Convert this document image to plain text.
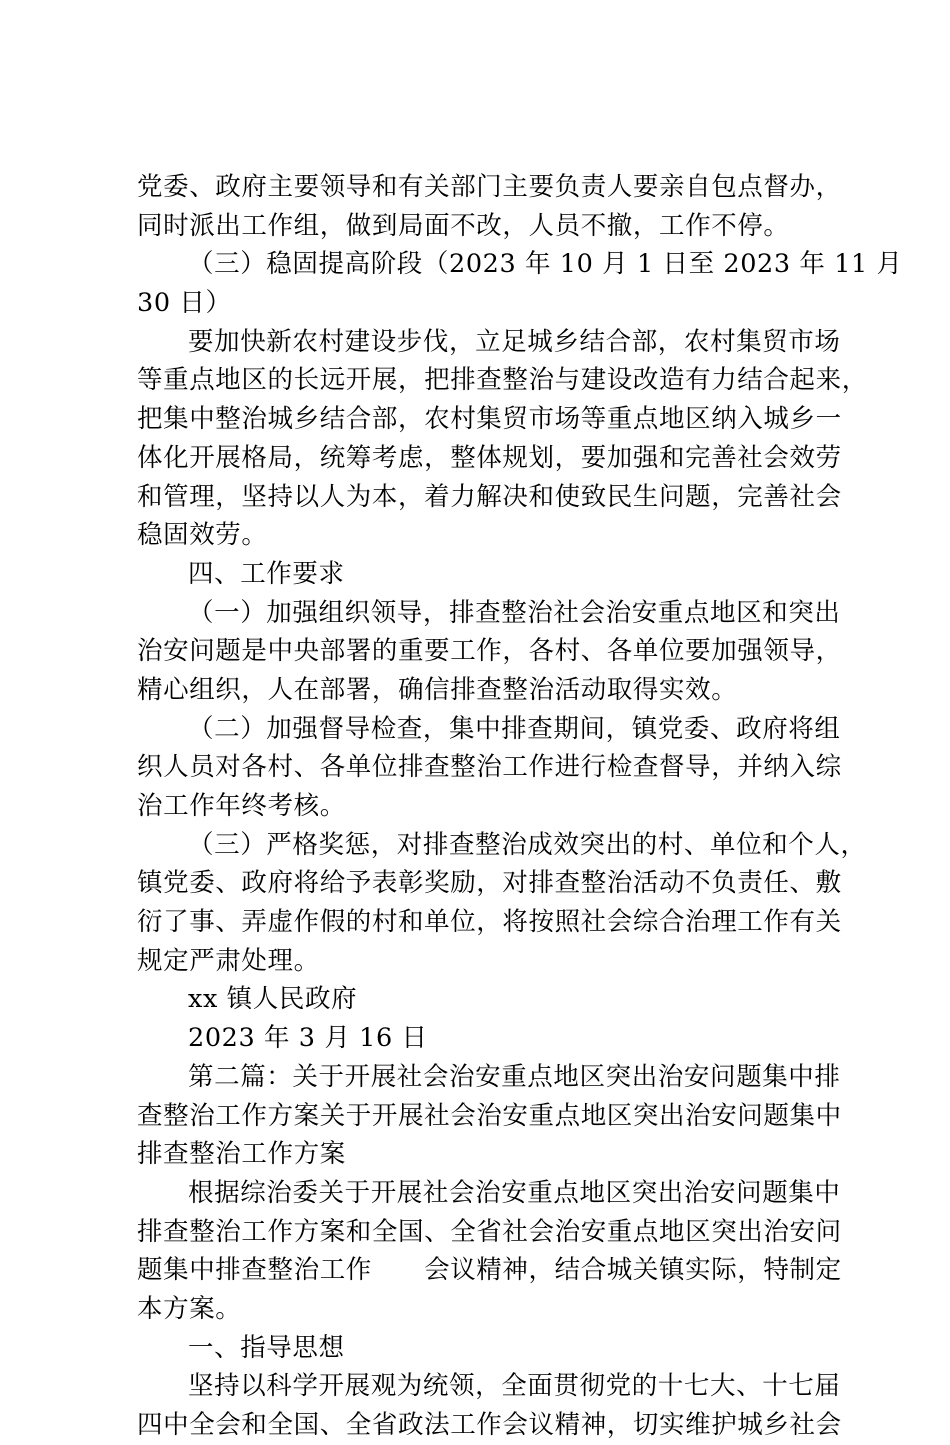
党委、政府主要领导和有关部门主要负责人要亲自包点督办，
同时派出工作组，做到局面不改，人员不撤，工作不停。
（三）稳固提高阶段（2023 年 10 月 1 日至 2023 年 11 月
30 日）
要加快新农村建设步伐，立足城乡结合部，农村集贸市场
等重点地区的长远开展，把排查整治与建设改造有力结合起来，
把集中整治城乡结合部，农村集贸市场等重点地区纳入城乡一
体化开展格局，统筹考虑，整体规划，要加强和完善社会效劳
和管理，坚持以人为本，着力解决和使致民生问题，完善社会
稳固效劳。
四、工作要求
（一）加强组织领导，排查整治社会治安重点地区和突出
治安问题是中央部署的重要工作，各村、各单位要加强领导，
精心组织，人在部署，确信排查整治活动取得实效。
（二）加强督导检查，集中排查期间，镇党委、政府将组
织人员对各村、各单位排查整治工作进行检查督导，并纳入综
治工作年终考核。
（三）严格奖惩，对排查整治成效突出的村、单位和个人，
镇党委、政府将给予表彰奖励，对排查整治活动不负责任、敷
衍了事、弄虚作假的村和单位，将按照社会综合治理工作有关
规定严肃处理。
xx 镇人民政府
2023 年 3 月 16 日
第二篇：关于开展社会治安重点地区突出治安问题集中排
查整治工作方案关于开展社会治安重点地区突出治安问题集中
排查整治工作方案
根据综治委关于开展社会治安重点地区突出治安问题集中
排查整治工作方案和全国、全省社会治安重点地区突出治安问
题集中排查整治工作　　会议精神，结合城关镇实际，特制定
本方案。
一、指导思想
坚持以科学开展观为统领，全面贯彻党的十七大、十七届
四中全会和全国、全省政法工作会议精神，切实维护城乡社会
